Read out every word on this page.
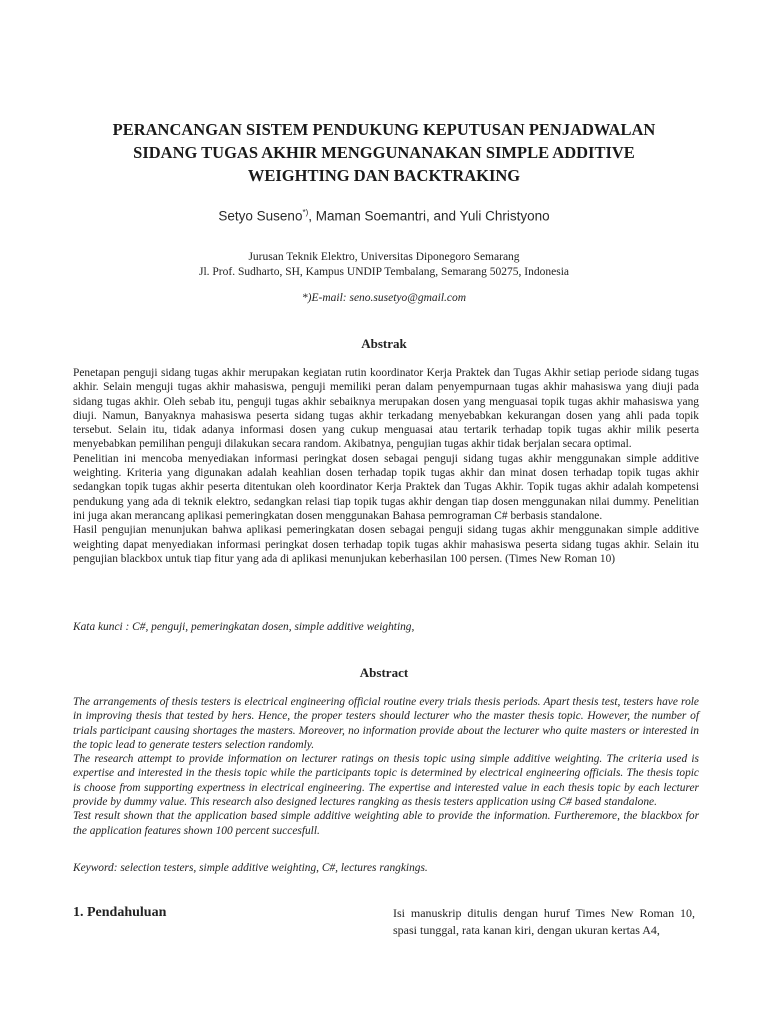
PERANCANGAN SISTEM PENDUKUNG KEPUTUSAN PENJADWALAN
SIDANG TUGAS AKHIR MENGGUNANAKAN SIMPLE ADDITIVE
WEIGHTING DAN BACKTRAKING
Setyo Suseno*), Maman Soemantri, and Yuli Christyono
Jurusan Teknik Elektro, Universitas Diponegoro Semarang
Jl. Prof. Sudharto, SH, Kampus UNDIP Tembalang, Semarang 50275, Indonesia
*)E-mail: seno.susetyo@gmail.com
Abstrak

Penetapan penguji sidang tugas akhir merupakan kegiatan rutin koordinator Kerja Praktek dan Tugas Akhir setiap periode sidang tugas akhir. Selain menguji tugas akhir mahasiswa, penguji memiliki peran dalam penyempurnaan tugas akhir mahasiswa yang diuji pada sidang tugas akhir. Oleh sebab itu, penguji tugas akhir sebaiknya merupakan dosen yang menguasai topik tugas akhir mahasiswa yang diuji. Namun, Banyaknya mahasiswa peserta sidang tugas akhir terkadang menyebabkan kekurangan dosen yang ahli pada topik tersebut. Selain itu, tidak adanya informasi dosen yang cukup menguasai atau tertarik terhadap topik tugas akhir milik peserta menyebabkan pemilihan penguji dilakukan secara random. Akibatnya, pengujian tugas akhir tidak berjalan secara optimal.

Penelitian ini mencoba menyediakan informasi peringkat dosen sebagai penguji sidang tugas akhir menggunakan simple additive weighting. Kriteria yang digunakan adalah keahlian dosen terhadap topik tugas akhir dan minat dosen terhadap topik tugas akhir sedangkan topik tugas akhir peserta ditentukan oleh koordinator Kerja Praktek dan Tugas Akhir. Topik tugas akhir adalah kompetensi pendukung yang ada di teknik elektro, sedangkan relasi tiap topik tugas akhir dengan tiap dosen menggunakan nilai dummy. Penelitian ini juga akan merancang aplikasi pemeringkatan dosen menggunakan Bahasa pemrograman C# berbasis standalone.

Hasil pengujian menunjukan bahwa aplikasi pemeringkatan dosen sebagai penguji sidang tugas akhir menggunakan simple additive weighting dapat menyediakan informasi peringkat dosen terhadap topik tugas akhir mahasiswa peserta sidang tugas akhir. Selain itu pengujian blackbox untuk tiap fitur yang ada di aplikasi menunjukan keberhasilan 100 persen. (Times New Roman 10)

Kata kunci : C#, penguji, pemeringkatan dosen, simple additive weighting,
Abstract

The arrangements of thesis testers is electrical engineering official routine every trials thesis periods. Apart thesis test, testers have role in improving thesis that tested by hers. Hence, the proper testers should lecturer who the master thesis topic. However, the number of trials participant causing shortages the masters. Moreover, no information provide about the lecturer who quite masters or interested in the topic lead to generate testers selection randomly.

The research attempt to provide information on lecturer ratings on thesis topic using simple additive weighting. The criteria used is expertise and interested in the thesis topic while the participants topic is determined by electrical engineering officials. The thesis topic is choose from supporting expertness in electrical engineering. The expertise and interested value in each thesis topic by each lecturer provide by dummy value. This research also designed lectures rangking as thesis testers application using C# based standalone.

Test result shown that the application based simple additive weighting able to provide the information. Furtheremore, the blackbox for the application features shown 100 percent succesfull.

Keyword: selection testers, simple additive weighting, C#, lectures rangkings.
1. Pendahuluan	Isi manuskrip ditulis dengan huruf Times New Roman 10, spasi tunggal, rata kanan kiri, dengan ukuran kertas A4,
